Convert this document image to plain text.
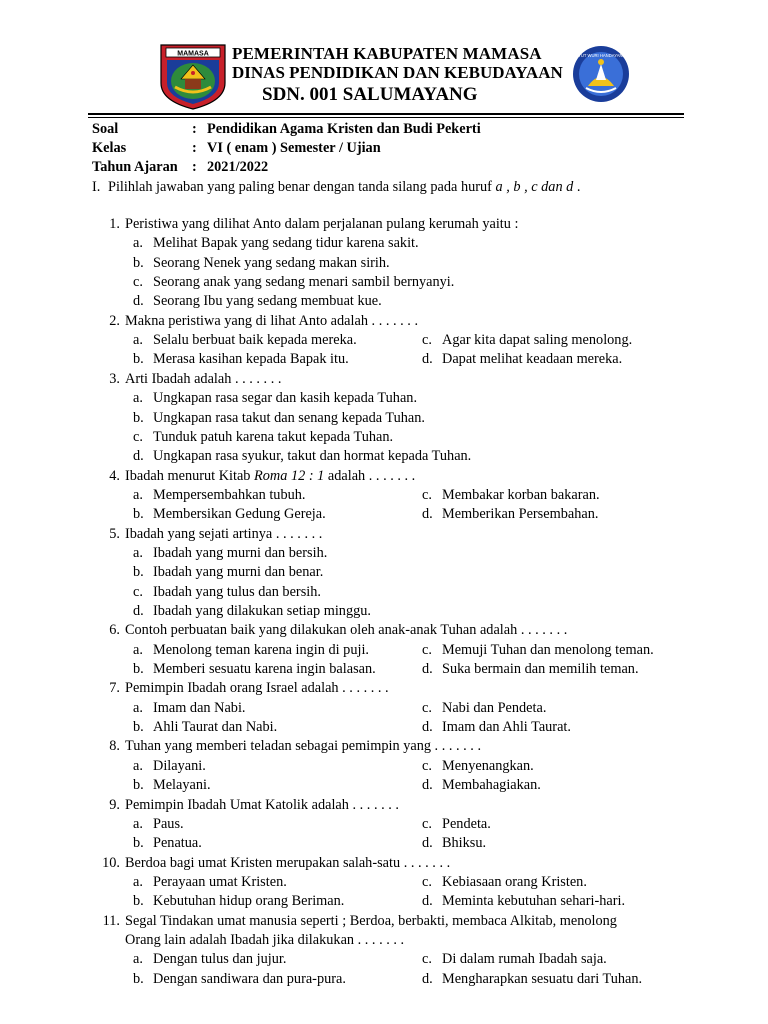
MAMASA PEMERINTAH KABUPATEN MAMASA
DINAS PENDIDIKAN DAN KEBUDAYAAN
SDN. 001 SALUMAYANG
TUT WURI HANDAYANI
Soal	: Pendidikan Agama Kristen dan Budi Pekerti
Kelas	: VI ( enam ) Semester / Ujian
Tahun Ajaran : 2021/2022
I. Pilihlah jawaban yang paling benar dengan tanda silang pada huruf a , b , c dan d .
1. Peristiwa yang dilihat Anto dalam perjalanan pulang kerumah yaitu :
a. Melihat Bapak yang sedang tidur karena sakit.
b. Seorang Nenek yang sedang makan sirih.
c. Seorang anak yang sedang menari sambil bernyanyi.
d. Seorang Ibu yang sedang membuat kue.
2. Makna peristiwa yang di lihat Anto adalah . . . . . . .
a. Selalu berbuat baik kepada mereka.	c. Agar kita dapat saling menolong.
b. Merasa kasihan kepada Bapak itu.	d. Dapat melihat keadaan mereka.
3. Arti Ibadah adalah . . . . . . .
a. Ungkapan rasa segar dan kasih kepada Tuhan.
b. Ungkapan rasa takut dan senang kepada Tuhan.
c. Tunduk patuh karena takut kepada Tuhan.
d. Ungkapan rasa syukur, takut dan hormat kepada Tuhan.
4. Ibadah menurut Kitab Roma 12 : 1 adalah . . . . . . .
a. Mempersembahkan tubuh.	c. Membakar korban bakaran.
b. Membersikan Gedung Gereja.	d. Memberikan Persembahan.
5. Ibadah yang sejati artinya . . . . . . .
a. Ibadah yang murni dan bersih.
b. Ibadah yang murni dan benar.
c. Ibadah yang tulus dan bersih.
d. Ibadah yang dilakukan setiap minggu.
6. Contoh perbuatan baik yang dilakukan oleh anak-anak Tuhan adalah . . . . . . .
a. Menolong teman karena ingin di puji.	c. Memuji Tuhan dan menolong teman.
b. Memberi sesuatu karena ingin balasan.	d. Suka bermain dan memilih teman.
7. Pemimpin Ibadah orang Israel adalah . . . . . . .
a. Imam dan Nabi.	c. Nabi dan Pendeta.
b. Ahli Taurat dan Nabi.	d. Imam dan Ahli Taurat.
8. Tuhan yang memberi teladan sebagai pemimpin yang . . . . . . .
a. Dilayani.	c. Menyenangkan.
b. Melayani.	d. Membahagiakan.
9. Pemimpin Ibadah Umat Katolik adalah . . . . . . .
a. Paus.	c. Pendeta.
b. Penatua.	d. Bhiksu.
10. Berdoa bagi umat Kristen merupakan salah-satu . . . . . . .
a. Perayaan umat Kristen.	c. Kebiasaan orang Kristen.
b. Kebutuhan hidup orang Beriman.	d. Meminta kebutuhan sehari-hari.
11. Segal Tindakan umat manusia seperti ; Berdoa, berbakti, membaca Alkitab, menolong
Orang lain adalah Ibadah jika dilakukan . . . . . . .
a. Dengan tulus dan jujur.	c. Di dalam rumah Ibadah saja.
b. Dengan sandiwara dan pura-pura.	d. Mengharapkan sesuatu dari Tuhan.
